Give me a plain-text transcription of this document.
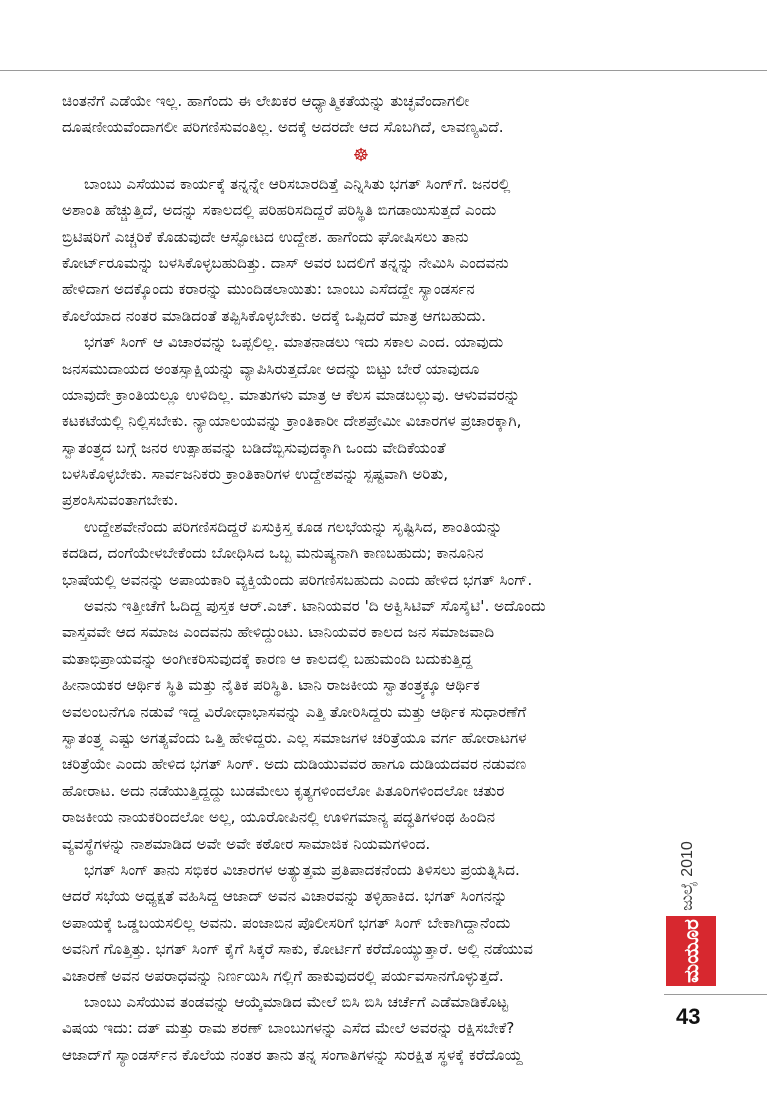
ಚಿಂತನೆಗೆ ಎಡೆಯೇ ಇಲ್ಲ. ಹಾಗೆಂದು ಈ ಲೇಖಕರ ಆಧ್ಯಾತ್ಮಿಕತೆಯನ್ನು ತುಚ್ಛವೆಂದಾಗಲೀ
ದೂಷಣೀಯವೆಂದಾಗಲೀ ಪರಿಗಣಿಸುವಂತಿಲ್ಲ. ಅದಕ್ಕೆ ಅದರದೇ ಆದ ಸೊಬಗಿದೆ, ಲಾವಣ್ಯವಿದೆ.
☸
ಬಾಂಬು ಎಸೆಯುವ ಕಾರ್ಯಕ್ಕೆ ತನ್ನನ್ನೇ ಆರಿಸಬಾರದಿತ್ತೆ ಎನ್ನಿಸಿತು ಭಗತ್ ಸಿಂಗ್‌ಗೆ. ಜನರಲ್ಲಿ
ಅಶಾಂತಿ ಹೆಚ್ಚುತ್ತಿದೆ, ಅದನ್ನು ಸಕಾಲದಲ್ಲಿ ಪರಿಹರಿಸದಿದ್ದರೆ ಪರಿಸ್ಥಿತಿ ಬಿಗಡಾಯಿಸುತ್ತದೆ ಎಂದು
ಬ್ರಿಟಿಷರಿಗೆ ಎಚ್ಚರಿಕೆ ಕೊಡುವುದೇ ಆಸ್ಫೋಟದ ಉದ್ದೇಶ. ಹಾಗೆಂದು ಘೋಷಿಸಲು ತಾನು
ಕೋರ್ಟ್‌ರೂಮನ್ನು ಬಳಸಿಕೊಳ್ಳಬಹುದಿತ್ತು. ದಾಸ್ ಅವರ ಬದಲಿಗೆ ತನ್ನನ್ನು ನೇಮಿಸಿ ಎಂದವನು
ಹೇಳಿದಾಗ ಅದಕ್ಕೊಂದು ಕರಾರನ್ನು ಮುಂದಿಡಲಾಯಿತು: ಬಾಂಬು ಎಸೆದದ್ದೇ ಸ್ಯಾಂಡರ್ಸನ
ಕೊಲೆಯಾದ ನಂತರ ಮಾಡಿದಂತೆ ತಪ್ಪಿಸಿಕೊಳ್ಳಬೇಕು. ಅದಕ್ಕೆ ಒಪ್ಪಿದರೆ ಮಾತ್ರ ಆಗಬಹುದು.
ಭಗತ್ ಸಿಂಗ್ ಆ ವಿಚಾರವನ್ನು ಒಪ್ಪಲಿಲ್ಲ. ಮಾತನಾಡಲು ಇದು ಸಕಾಲ ಎಂದ. ಯಾವುದು
ಜನಸಮುದಾಯದ ಅಂತಸ್ಸಾಕ್ಷಿಯನ್ನು ವ್ಯಾಪಿಸಿರುತ್ತದೋ ಅದನ್ನು ಬಿಟ್ಟು ಬೇರೆ ಯಾವುದೂ
ಯಾವುದೇ ಕ್ರಾಂತಿಯಲ್ಲೂ ಉಳಿದಿಲ್ಲ. ಮಾತುಗಳು ಮಾತ್ರ ಆ ಕೆಲಸ ಮಾಡಬಲ್ಲುವು. ಆಳುವವರನ್ನು
ಕಟಕಟೆಯಲ್ಲಿ ನಿಲ್ಲಿಸಬೇಕು. ನ್ಯಾಯಾಲಯವನ್ನು ಕ್ರಾಂತಿಕಾರೀ ದೇಶಪ್ರೇಮೀ ವಿಚಾರಗಳ ಪ್ರಚಾರಕ್ಕಾಗಿ,
ಸ್ವಾತಂತ್ರ್ಯದ ಬಗ್ಗೆ ಜನರ ಉತ್ಸಾಹವನ್ನು ಬಡಿದೆಬ್ಬಿಸುವುದಕ್ಕಾಗಿ ಒಂದು ವೇದಿಕೆಯಂತೆ
ಬಳಸಿಕೊಳ್ಳಬೇಕು. ಸಾರ್ವಜನಿಕರು ಕ್ರಾಂತಿಕಾರಿಗಳ ಉದ್ದೇಶವನ್ನು ಸ್ಪಷ್ಟವಾಗಿ ಅರಿತು,
ಪ್ರಶಂಸಿಸುವಂತಾಗಬೇಕು.
ಉದ್ದೇಶವೇನೆಂದು ಪರಿಗಣಿಸದಿದ್ದರೆ ಏಸುಕ್ರಿಸ್ತ ಕೂಡ ಗಲಭೆಯನ್ನು ಸೃಷ್ಟಿಸಿದ, ಶಾಂತಿಯನ್ನು
ಕದಡಿದ, ದಂಗೆಯೇಳಬೇಕೆಂದು ಬೋಧಿಸಿದ ಒಬ್ಬ ಮನುಷ್ಯನಾಗಿ ಕಾಣಬಹುದು; ಕಾನೂನಿನ
ಭಾಷೆಯಲ್ಲಿ ಅವನನ್ನು ಅಪಾಯಕಾರಿ ವ್ಯಕ್ತಿಯೆಂದು ಪರಿಗಣಿಸಬಹುದು ಎಂದು ಹೇಳಿದ ಭಗತ್ ಸಿಂಗ್.
ಅವನು ಇತ್ತೀಚೆಗೆ ಓದಿದ್ದ ಪುಸ್ತಕ ಆರ್.ಎಚ್. ಟಾನಿಯವರ 'ದಿ ಅಕ್ವಿಸಿಟಿವ್ ಸೊಸೈಟಿ'. ಅದೊಂದು
ವಾಸ್ತವವೇ ಆದ ಸಮಾಜ ಎಂದವನು ಹೇಳಿದ್ದುಂಟು. ಟಾನಿಯವರ ಕಾಲದ ಜನ ಸಮಾಜವಾದಿ
ಮತಾಭಿಪ್ರಾಯವನ್ನು ಅಂಗೀಕರಿಸುವುದಕ್ಕೆ ಕಾರಣ ಆ ಕಾಲದಲ್ಲಿ ಬಹುಮಂದಿ ಬದುಕುತ್ತಿದ್ದ
ಹೀನಾಯಕರ ಆರ್ಥಿಕ ಸ್ಥಿತಿ ಮತ್ತು ನೈತಿಕ ಪರಿಸ್ಥಿತಿ. ಟಾನಿ ರಾಜಕೀಯ ಸ್ವಾತಂತ್ರ್ಯಕ್ಕೂ ಆರ್ಥಿಕ
ಅವಲಂಬನೆಗೂ ನಡುವೆ ಇದ್ದ ವಿರೋಧಾಭಾಸವನ್ನು ಎತ್ತಿ ತೋರಿಸಿದ್ದರು ಮತ್ತು ಆರ್ಥಿಕ ಸುಧಾರಣೆಗೆ
ಸ್ವಾತಂತ್ರ್ಯ ಎಷ್ಟು ಅಗತ್ಯವೆಂದು ಒತ್ತಿ ಹೇಳಿದ್ದರು. ಎಲ್ಲ ಸಮಾಜಗಳ ಚರಿತ್ರೆಯೂ ವರ್ಗ ಹೋರಾಟಗಳ
ಚರಿತ್ರೆಯೇ ಎಂದು ಹೇಳಿದ ಭಗತ್ ಸಿಂಗ್. ಅದು ದುಡಿಯುವವರ ಹಾಗೂ ದುಡಿಯದವರ ನಡುವಣ
ಹೋರಾಟ. ಅದು ನಡೆಯುತ್ತಿದ್ದದ್ದು ಬುಡಮೇಲು ಕೃತ್ಯಗಳಿಂದಲೋ ಪಿತೂರಿಗಳಿಂದಲೋ ಚತುರ
ರಾಜಕೀಯ ನಾಯಕರಿಂದಲೋ ಅಲ್ಲ, ಯೂರೋಪಿನಲ್ಲಿ ಊಳಿಗಮಾನ್ಯ ಪದ್ಧತಿಗಳಂಥ ಹಿಂದಿನ
ವ್ಯವಸ್ಥೆಗಳನ್ನು ನಾಶಮಾಡಿದ ಅವೇ ಅವೇ ಕಠೋರ ಸಾಮಾಜಿಕ ನಿಯಮಗಳಿಂದ.
ಭಗತ್ ಸಿಂಗ್ ತಾನು ಸಭಿಕರ ವಿಚಾರಗಳ ಅತ್ಯುತ್ತಮ ಪ್ರತಿಪಾದಕನೆಂದು ತಿಳಿಸಲು ಪ್ರಯತ್ನಿಸಿದ.
ಆದರೆ ಸಭೆಯ ಅಧ್ಯಕ್ಷತೆ ವಹಿಸಿದ್ದ ಆಜಾದ್ ಅವನ ವಿಚಾರವನ್ನು ತಳ್ಳಿಹಾಕಿದ. ಭಗತ್ ಸಿಂಗನನ್ನು
ಅಪಾಯಕ್ಕೆ ಒಡ್ಡಬಯಸಲಿಲ್ಲ ಅವನು. ಪಂಜಾಬಿನ ಪೊಲೀಸರಿಗೆ ಭಗತ್ ಸಿಂಗ್ ಬೇಕಾಗಿದ್ದಾನೆಂದು
ಅವನಿಗೆ ಗೊತ್ತಿತ್ತು. ಭಗತ್ ಸಿಂಗ್ ಕೈಗೆ ಸಿಕ್ಕರೆ ಸಾಕು, ಕೋರ್ಟಿಗೆ ಕರೆದೊಯ್ಯುತ್ತಾರೆ. ಅಲ್ಲಿ ನಡೆಯುವ
ವಿಚಾರಣೆ ಅವನ ಅಪರಾಧವನ್ನು ನಿರ್ಣಯಿಸಿ ಗಲ್ಲಿಗೆ ಹಾಕುವುದರಲ್ಲಿ ಪರ್ಯವಸಾನಗೊಳ್ಳುತ್ತದೆ.
ಬಾಂಬು ಎಸೆಯುವ ತಂಡವನ್ನು ಆಯ್ಕೆಮಾಡಿದ ಮೇಲೆ ಬಿಸಿ ಬಿಸಿ ಚರ್ಚೆಗೆ ಎಡೆಮಾಡಿಕೊಟ್ಟ
ವಿಷಯ ಇದು: ದತ್ ಮತ್ತು ರಾಮ ಶರಣ್ ಬಾಂಬುಗಳನ್ನು ಎಸೆದ ಮೇಲೆ ಅವರನ್ನು ರಕ್ಷಿಸಬೇಕೆ?
ಆಜಾದ್‌ಗೆ ಸ್ಯಾಂಡರ್ಸ್‌ನ ಕೊಲೆಯ ನಂತರ ತಾನು ತನ್ನ ಸಂಗಾತಿಗಳನ್ನು ಸುರಕ್ಷಿತ ಸ್ಥಳಕ್ಕೆ ಕರೆದೊಯ್ದ
ಜುಲೈ 2010
ಮಯೂರ
43
